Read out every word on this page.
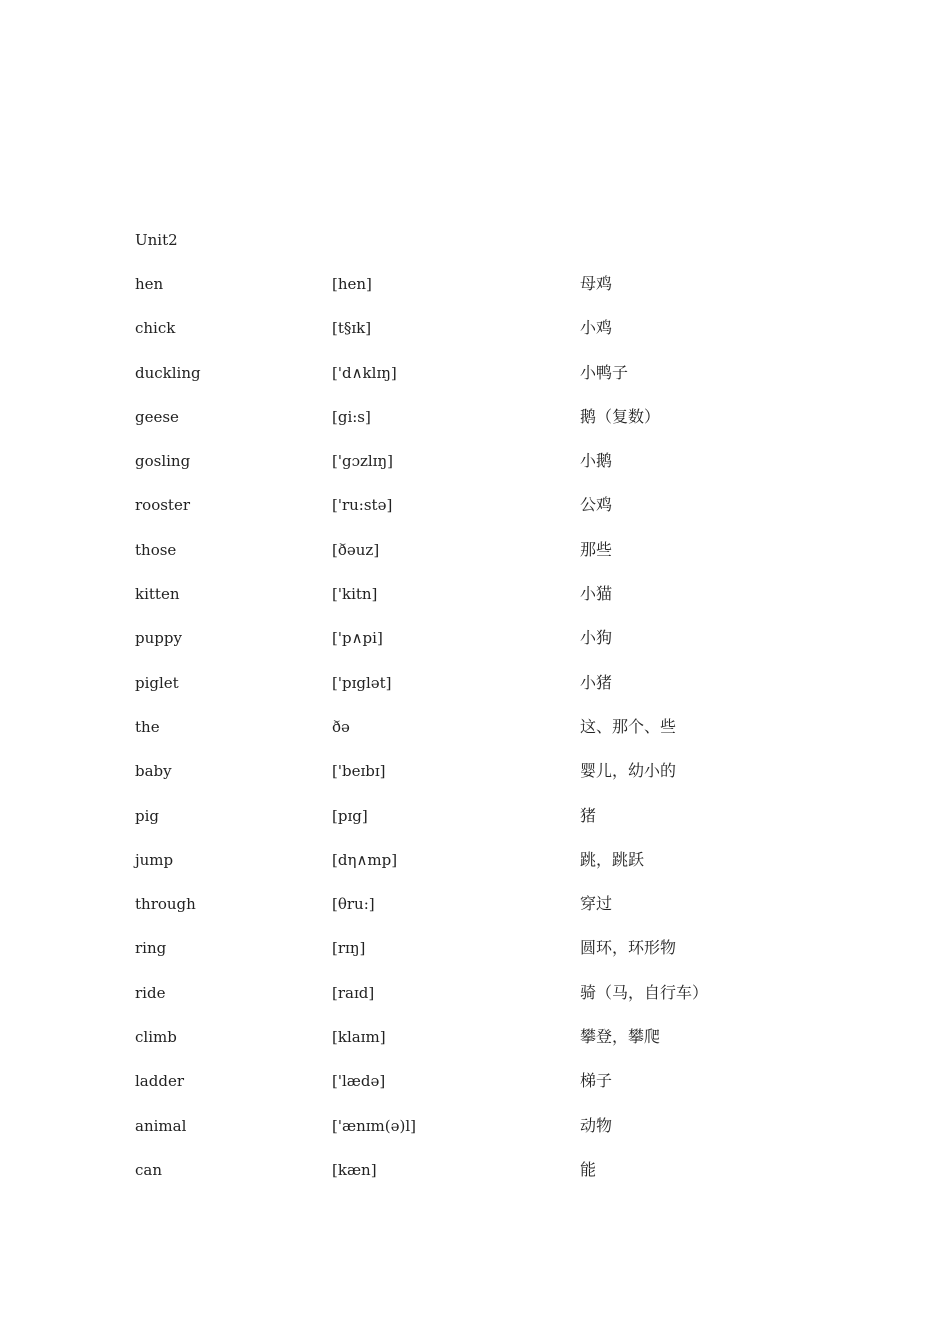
Unit2
hen	[hen]	母鸡
chick	[t§ɪk]	小鸡
duckling	['d∧klɪŋ]	小鸭子
geese	[gi:s]	鹅（复数）
gosling	['gɔzlɪŋ]	小鹅
rooster	['ru:stə]	公鸡
those	[ðəuz]	那些
kitten	['kitn]	小猫
puppy	['p∧pi]	小狗
piglet	['pɪglət]	小猪
the	ðə	这、那个、些
baby	['beɪbɪ]	婴儿，幼小的
pig	[pɪg]	猪
jump	[dη∧mp]	跳，跳跃
through	[θru:]	穿过
ring	[rɪŋ]	圆环，环形物
ride	[raɪd]	骑（马，自行车）
climb	[klaɪm]	攀登，攀爬
ladder	['lædə]	梯子
animal	['ænɪm(ə)l]	动物
can	[kæn]	能
